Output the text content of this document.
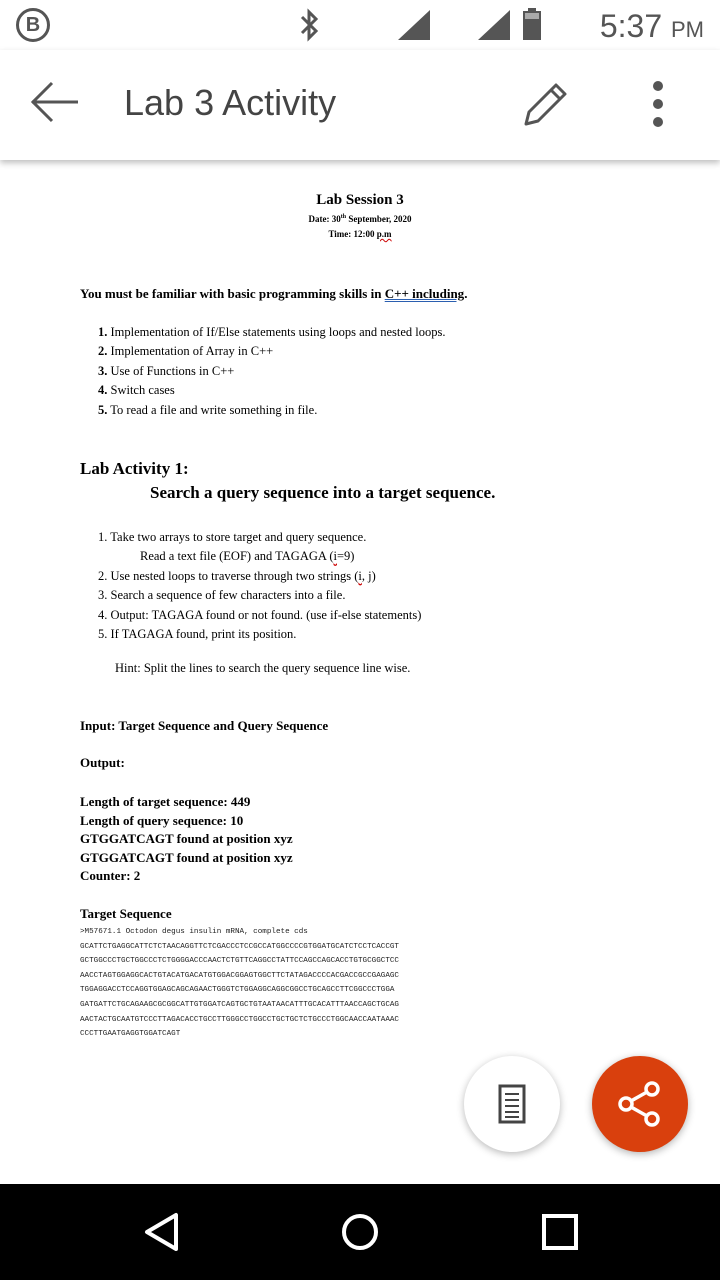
B	5:37 PM
Lab 3 Activity
Lab Session 3
Date: 30th September, 2020
Time: 12:00 p.m
You must be familiar with basic programming skills in C++ including.
1. Implementation of If/Else statements using loops and nested loops.
2. Implementation of Array in C++
3. Use of Functions in C++
4. Switch cases
5. To read a file and write something in file.
Lab Activity 1:
Search a query sequence into a target sequence.
1. Take two arrays to store target and query sequence.
Read a text file (EOF) and TAGAGA (i=9)
2. Use nested loops to traverse through two strings (i, j)
3. Search a sequence of few characters into a file.
4. Output: TAGAGA found or not found. (use if-else statements)
5. If TAGAGA found, print its position.
Hint: Split the lines to search the query sequence line wise.
Input: Target Sequence and Query Sequence
Output:
Length of target sequence: 449
Length of query sequence: 10
GTGGATCAGT found at position xyz
GTGGATCAGT found at position xyz
Counter: 2
Target Sequence
>M57671.1 Octodon degus insulin mRNA, complete cds
GCATTCTGAGGCATTCTCTAACAGGTTCTCGACCCTCCGCCATGGCCCCGTGGATGCATCTCCTCACCGT
GCTGGCCCTGCTGGCCCTCTGGGGACCCAACTCTGTTCAGGCCTATTCCAGCCAGCACCTGTGCGGCTCC
AACCTAGTGGAGGCACTGTACATGACATGTGGACGGAGTGGCTTCTATAGACCCCACGACCGCCGAGAGC
TGGAGGACCTCCAGGTGGAGCAGCAGAACTGGGTCTGGAGGCAGGCGGCCTGCAGCCTTCGGCCCTGGA
GATGATTCTGCAGAAGCGCGGCATTGTGGATCAGTGCTGTAATAACATTTGCACATTTAACCAGCTGCAG
AACTACTGCAATGTCCCTTAGACACCTGCCTTGGGCCTGGCCTGCTGCTCTGCCCTGGCAACCAATAAAC
CCCTTGAATGAGGTGGATCAGT
